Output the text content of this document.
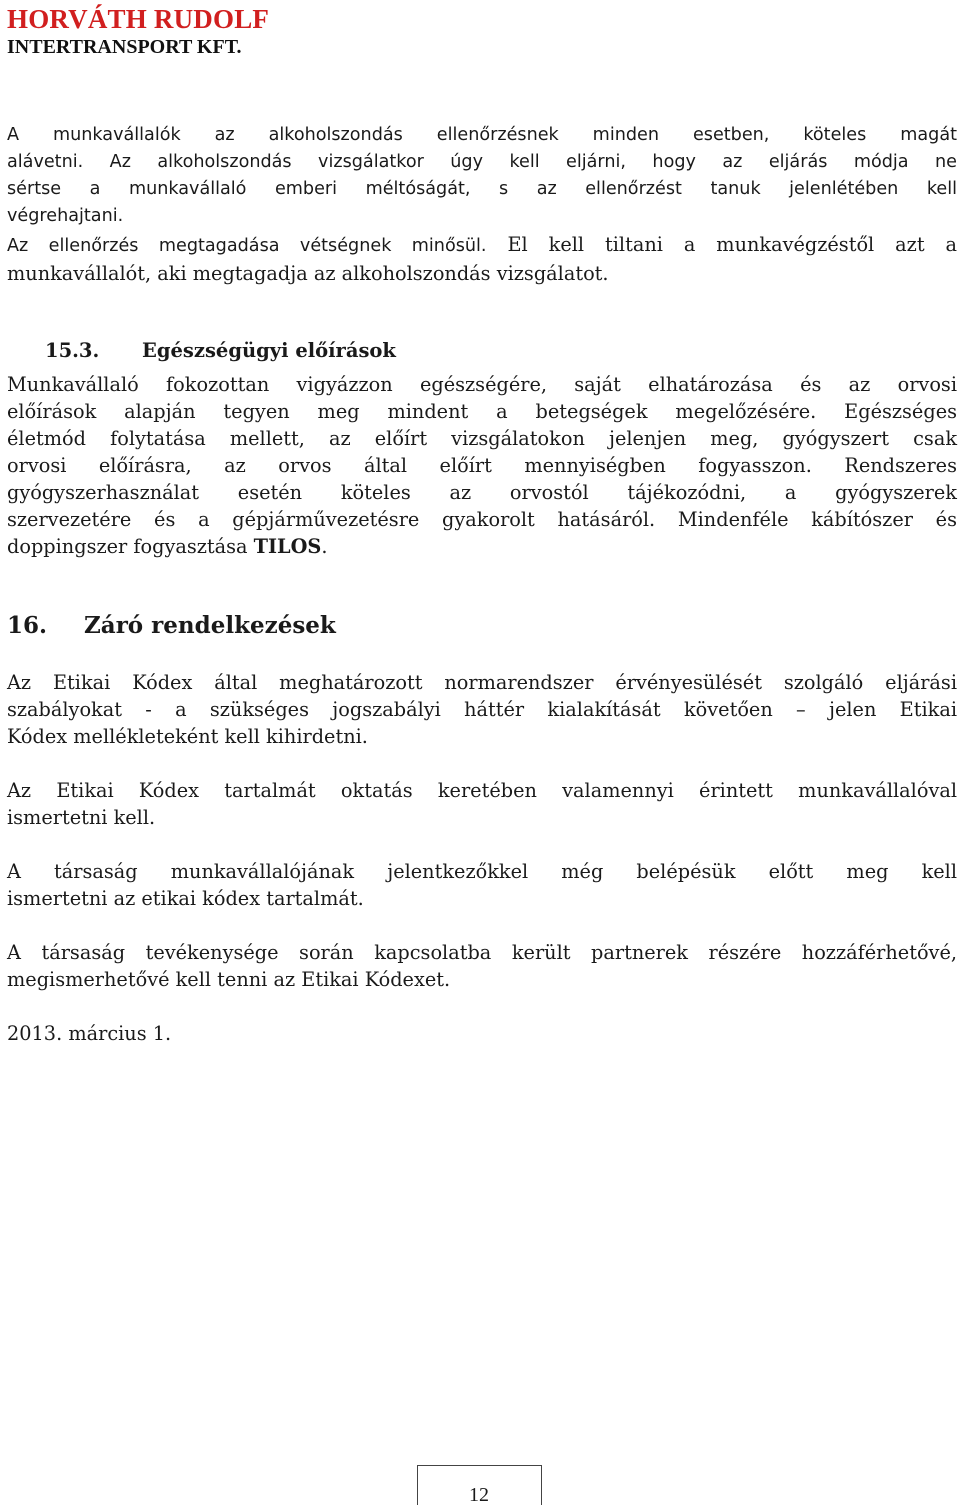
HORVÁTH RUDOLF
INTERTRANSPORT KFT.
A munkavállalók az alkoholszondás ellenőrzésnek minden esetben, köteles magát
alávetni. Az alkoholszondás vizsgálatkor úgy kell eljárni, hogy az eljárás módja ne
sértse a munkavállaló emberi méltóságát, s az ellenőrzést tanuk jelenlétében kell
végrehajtani.
Az ellenőrzés megtagadása vétségnek minősül. El kell tiltani a munkavégzéstől azt a
munkavállalót, aki megtagadja az alkoholszondás vizsgálatot.
15.3. Egészségügyi előírások
Munkavállaló fokozottan vigyázzon egészségére, saját elhatározása és az orvosi
előírások alapján tegyen meg mindent a betegségek megelőzésére. Egészséges
életmód folytatása mellett, az előírt vizsgálatokon jelenjen meg, gyógyszert csak
orvosi előírásra, az orvos által előírt mennyiségben fogyasszon. Rendszeres
gyógyszerhasználat esetén köteles az orvostól tájékozódni, a gyógyszerek
szervezetére és a gépjárművezetésre gyakorolt hatásáról. Mindenféle kábítószer és
doppingszer fogyasztása TILOS.
16. Záró rendelkezések
Az Etikai Kódex által meghatározott normarendszer érvényesülését szolgáló eljárási
szabályokat - a szükséges jogszabályi háttér kialakítását követően – jelen Etikai
Kódex mellékleteként kell kihirdetni.
Az Etikai Kódex tartalmát oktatás keretében valamennyi érintett munkavállalóval
ismertetni kell.
A társaság munkavállalójának jelentkezőkkel még belépésük előtt meg kell
ismertetni az etikai kódex tartalmát.
A társaság tevékenysége során kapcsolatba került partnerek részére hozzáférhetővé,
megismerhetővé kell tenni az Etikai Kódexet.
2013. március 1.
12
